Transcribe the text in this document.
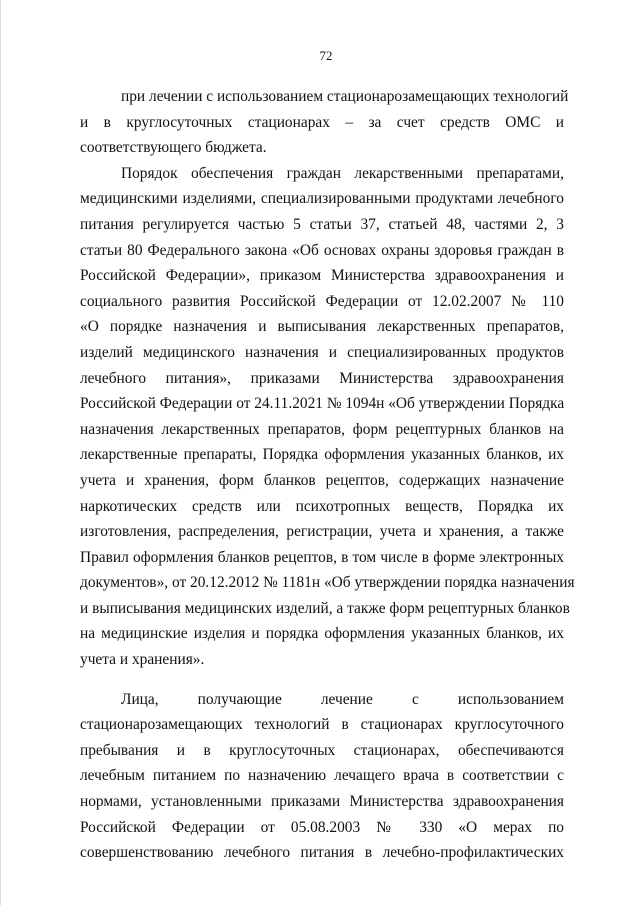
72

при лечении с использованием стационарозамещающих технологий
и в круглосуточных стационарах – за счет средств ОМС и
соответствующего бюджета.

Порядок обеспечения граждан лекарственными препаратами,
медицинскими изделиями, специализированными продуктами лечебного
питания регулируется частью 5 статьи 37, статьей 48, частями 2, 3
статьи 80 Федерального закона «Об основах охраны здоровья граждан в
Российской Федерации», приказом Министерства здравоохранения и
социального развития Российской Федерации от 12.02.2007 № 110
«О порядке назначения и выписывания лекарственных препаратов,
изделий медицинского назначения и специализированных продуктов
лечебного питания», приказами Министерства здравоохранения
Российской Федерации от 24.11.2021 № 1094н «Об утверждении Порядка
назначения лекарственных препаратов, форм рецептурных бланков на
лекарственные препараты, Порядка оформления указанных бланков, их
учета и хранения, форм бланков рецептов, содержащих назначение
наркотических средств или психотропных веществ, Порядка их
изготовления, распределения, регистрации, учета и хранения, а также
Правил оформления бланков рецептов, в том числе в форме электронных
документов», от 20.12.2012 № 1181н «Об утверждении порядка назначения
и выписывания медицинских изделий, а также форм рецептурных бланков
на медицинские изделия и порядка оформления указанных бланков, их
учета и хранения».

Лица, получающие лечение с использованием
стационарозамещающих технологий в стационарах круглосуточного
пребывания и в круглосуточных стационарах, обеспечиваются
лечебным питанием по назначению лечащего врача в соответствии с
нормами, установленными приказами Министерства здравоохранения
Российской Федерации от 05.08.2003 № 330 «О мерах по
совершенствованию лечебного питания в лечебно-профилактических
